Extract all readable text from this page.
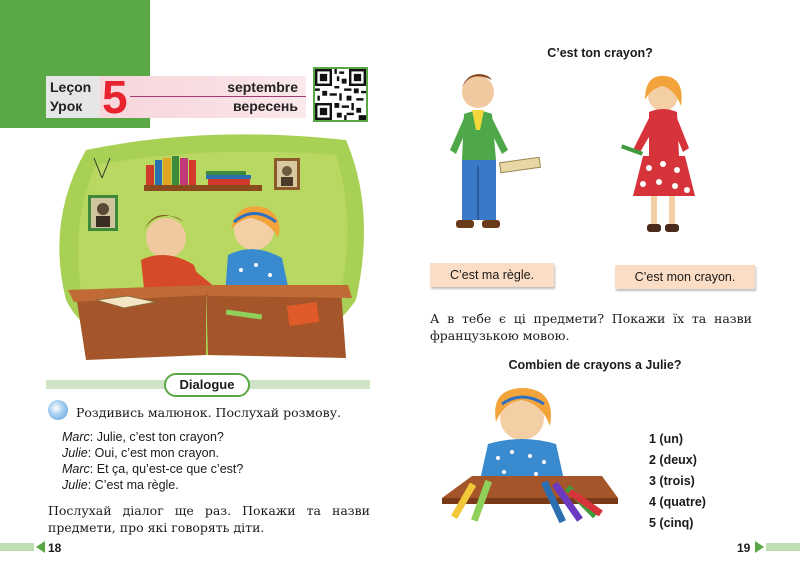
Leçon
Урок 5	septembre
вересень
Dialogue
Роздивись малюнок. Послухай розмову.
Marc: Julie, c’est ton crayon?
Julie: Oui, c’est mon crayon.
Marc: Et ça, qu’est-ce que c’est?
Julie: C’est ma règle.
Послухай діалог ще раз. Покажи та назви
предмети, про які говорять діти.
18
C’est ton crayon?
C’est ma règle.	C’est mon crayon.
А в тебе є ці предмети? Покажи їх та назви
французькою мовою.
Combien de crayons a Julie?
1 (un)
2 (deux)
3 (trois)
4 (quatre)
5 (cinq)
19
